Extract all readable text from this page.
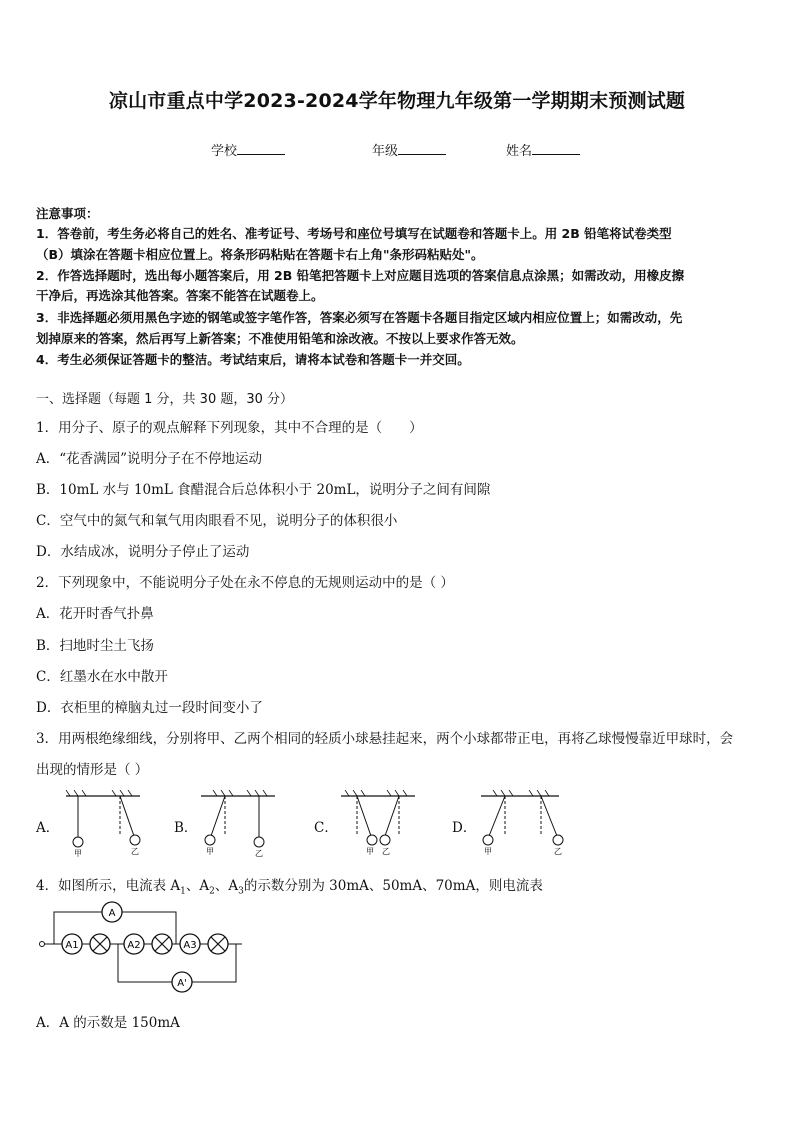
凉山市重点中学2023-2024学年物理九年级第一学期期末预测试题
学校	年级	姓名
注意事项：
1．答卷前，考生务必将自己的姓名、准考证号、考场号和座位号填写在试题卷和答题卡上。用 2B 铅笔将试卷类型
（B）填涂在答题卡相应位置上。将条形码粘贴在答题卡右上角"条形码粘贴处"。
2．作答选择题时，选出每小题答案后，用 2B 铅笔把答题卡上对应题目选项的答案信息点涂黑；如需改动，用橡皮擦
干净后，再选涂其他答案。答案不能答在试题卷上。
3．非选择题必须用黑色字迹的钢笔或签字笔作答，答案必须写在答题卡各题目指定区域内相应位置上；如需改动，先
划掉原来的答案，然后再写上新答案；不准使用铅笔和涂改液。不按以上要求作答无效。
4．考生必须保证答题卡的整洁。考试结束后，请将本试卷和答题卡一并交回。
一、选择题（每题 1 分，共 30 题，30 分）
1．用分子、原子的观点解释下列现象，其中不合理的是（　　）
A．“花香满园”说明分子在不停地运动
B．10mL 水与 10mL 食醋混合后总体积小于 20mL，说明分子之间有间隙
C．空气中的氮气和氧气用肉眼看不见，说明分子的体积很小
D．水结成冰，说明分子停止了运动
2．下列现象中，不能说明分子处在永不停息的无规则运动中的是（ ）
A．花开时香气扑鼻
B．扫地时尘土飞扬
C．红墨水在水中散开
D．衣柜里的樟脑丸过一段时间变小了
3．用两根绝缘细线，分别将甲、乙两个相同的轻质小球悬挂起来，两个小球都带正电，再将乙球慢慢靠近甲球时，会
出现的情形是（ ）
A．	B．	C．	D．
甲	乙	甲	乙	甲 乙	甲	乙
4．如图所示，电流表 $A_1$、$A_2$、$A_3$的示数分别为 30mA、50mA、70mA，则电流表
A1	A2	A3
A
A'
A．A 的示数是 150mA
